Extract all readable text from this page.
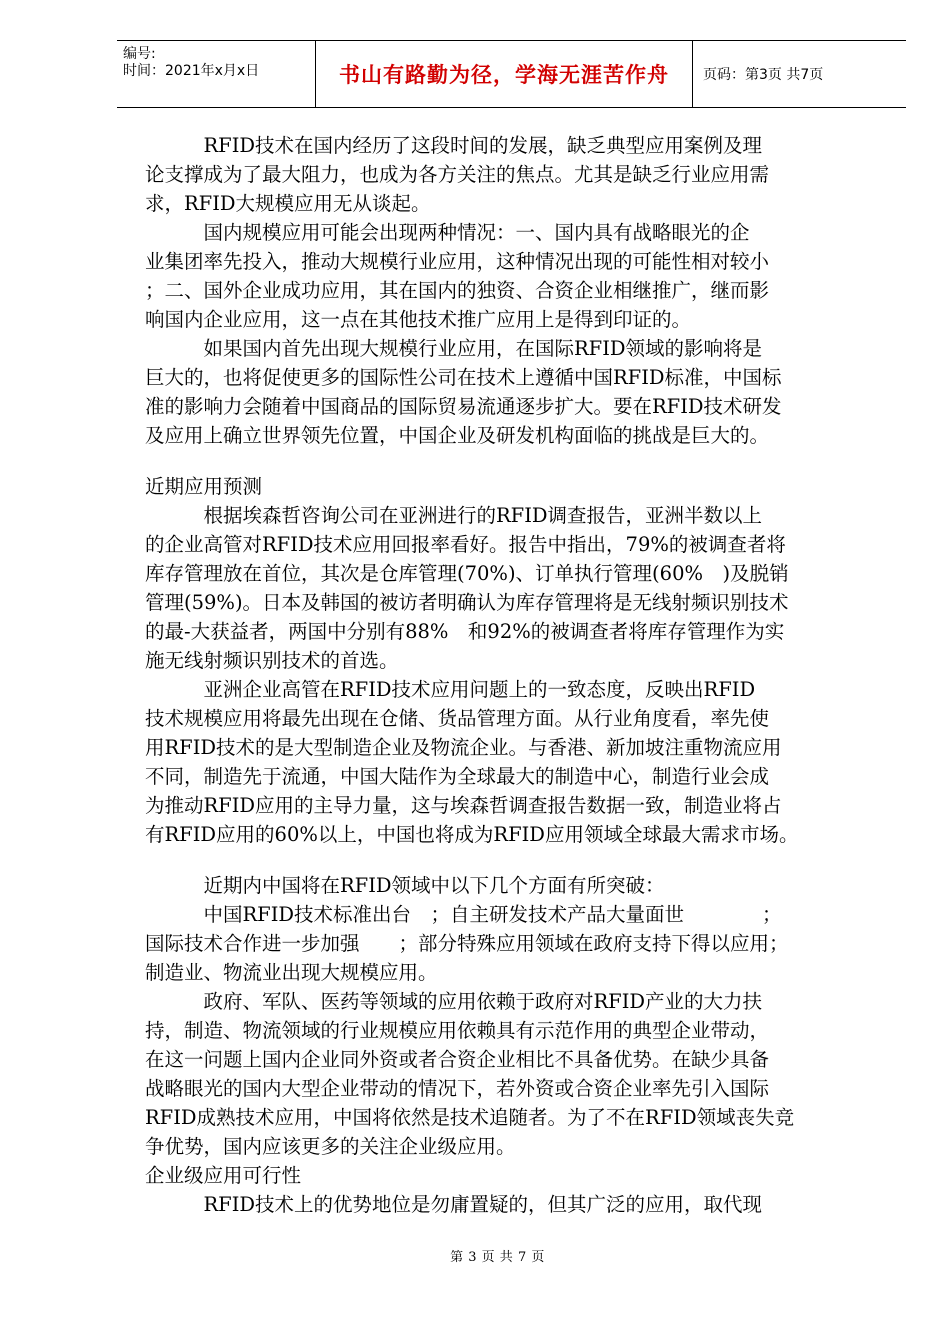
编号:
时间：2021年x月x日	书山有路勤为径，学海无涯苦作舟 页码：第3页 共7页
　　　RFID技术在国内经历了这段时间的发展，缺乏典型应用案例及理
论支撑成为了最大阻力，也成为各方关注的焦点。尤其是缺乏行业应用需
求，RFID大规模应用无从谈起。
　　　国内规模应用可能会出现两种情况：一、国内具有战略眼光的企
业集团率先投入，推动大规模行业应用，这种情况出现的可能性相对较小
；二、国外企业成功应用，其在国内的独资、合资企业相继推广，继而影
响国内企业应用，这一点在其他技术推广应用上是得到印证的。
　　　如果国内首先出现大规模行业应用，在国际RFID领域的影响将是
巨大的，也将促使更多的国际性公司在技术上遵循中国RFID标准，中国标
准的影响力会随着中国商品的国际贸易流通逐步扩大。要在RFID技术研发
及应用上确立世界领先位置，中国企业及研发机构面临的挑战是巨大的。
近期应用预测
　　　根据埃森哲咨询公司在亚洲进行的RFID调查报告，亚洲半数以上
的企业高管对RFID技术应用回报率看好。报告中指出，79%的被调查者将
库存管理放在首位，其次是仓库管理(70%)、订单执行管理(60%　)及脱销
管理(59%)。日本及韩国的被访者明确认为库存管理将是无线射频识别技术
的最-大获益者，两国中分别有88%　和92%的被调查者将库存管理作为实
施无线射频识别技术的首选。
　　　亚洲企业高管在RFID技术应用问题上的一致态度，反映出RFID
技术规模应用将最先出现在仓储、货品管理方面。从行业角度看，率先使
用RFID技术的是大型制造企业及物流企业。与香港、新加坡注重物流应用
不同，制造先于流通，中国大陆作为全球最大的制造中心，制造行业会成
为推动RFID应用的主导力量，这与埃森哲调查报告数据一致，制造业将占
有RFID应用的60%以上，中国也将成为RFID应用领域全球最大需求市场。
　　　近期内中国将在RFID领域中以下几个方面有所突破：
　　　中国RFID技术标准出台　；自主研发技术产品大量面世　　　　；
国际技术合作进一步加强　　；部分特殊应用领域在政府支持下得以应用；
制造业、物流业出现大规模应用。
　　　政府、军队、医药等领域的应用依赖于政府对RFID产业的大力扶
持，制造、物流领域的行业规模应用依赖具有示范作用的典型企业带动，
在这一问题上国内企业同外资或者合资企业相比不具备优势。在缺少具备
战略眼光的国内大型企业带动的情况下，若外资或合资企业率先引入国际
RFID成熟技术应用，中国将依然是技术追随者。为了不在RFID领域丧失竞
争优势，国内应该更多的关注企业级应用。
企业级应用可行性
　　　RFID技术上的优势地位是勿庸置疑的，但其广泛的应用，取代现
第 3 页 共 7 页
